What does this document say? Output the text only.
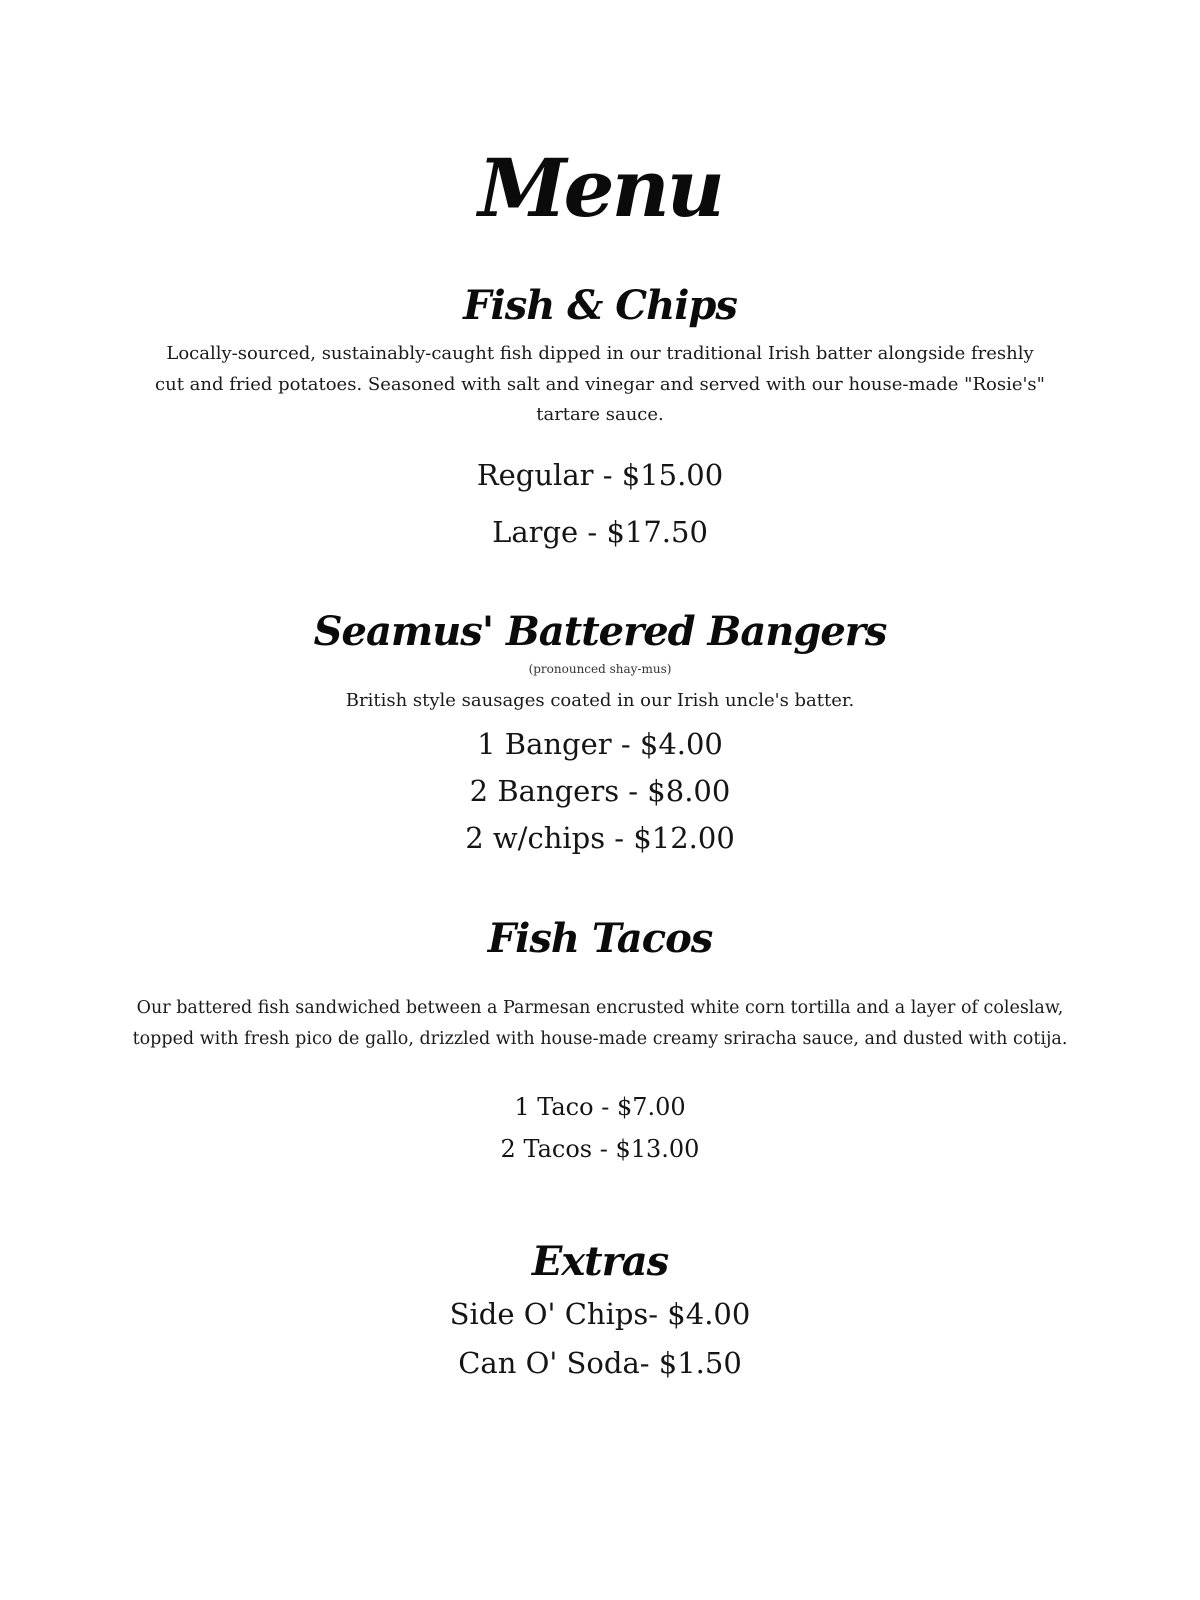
Menu
Fish & Chips
Locally-sourced, sustainably-caught fish dipped in our traditional Irish batter alongside freshly
cut and fried potatoes. Seasoned with salt and vinegar and served with our house-made "Rosie's"
tartare sauce.
Regular - $15.00
Large - $17.50
Seamus' Battered Bangers
(pronounced shay-mus)
British style sausages coated in our Irish uncle's batter.
1 Banger - $4.00
2 Bangers - $8.00
2 w/chips - $12.00
Fish Tacos
Our battered fish sandwiched between a Parmesan encrusted white corn tortilla and a layer of coleslaw,
topped with fresh pico de gallo, drizzled with house-made creamy sriracha sauce, and dusted with cotija.
1 Taco - $7.00
2 Tacos - $13.00
Extras
Side O' Chips- $4.00
Can O' Soda- $1.50
